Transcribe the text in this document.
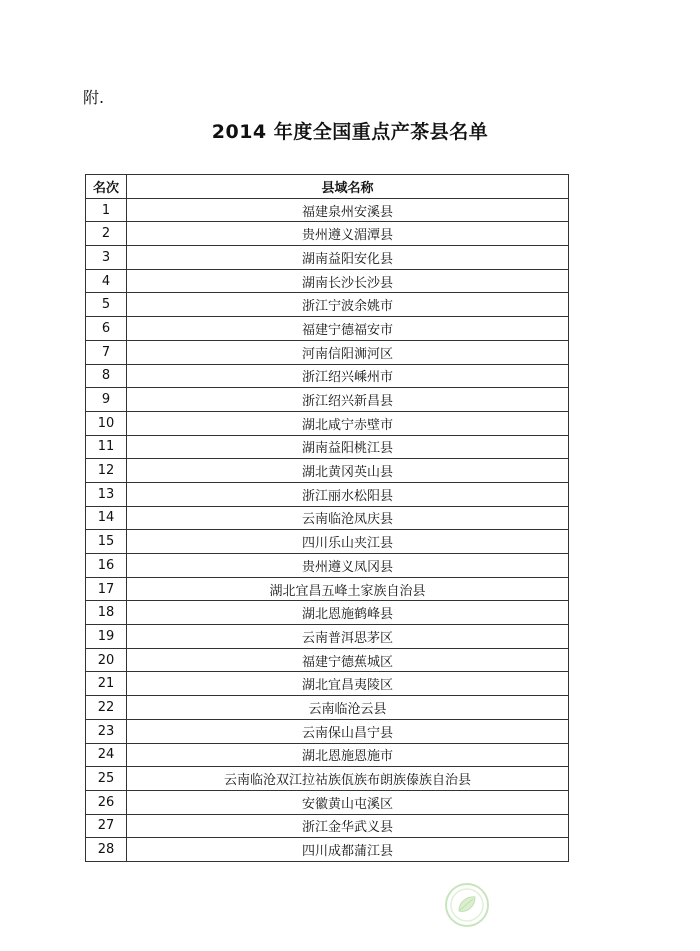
附.
2014 年度全国重点产茶县名单
名次	县域名称
1	福建泉州安溪县
2	贵州遵义湄潭县
3	湖南益阳安化县
4	湖南长沙长沙县
5	浙江宁波余姚市
6	福建宁德福安市
7	河南信阳浉河区
8	浙江绍兴嵊州市
9	浙江绍兴新昌县
10	湖北咸宁赤壁市
11	湖南益阳桃江县
12	湖北黄冈英山县
13	浙江丽水松阳县
14	云南临沧凤庆县
15	四川乐山夹江县
16	贵州遵义凤冈县
17	湖北宜昌五峰土家族自治县
18	湖北恩施鹤峰县
19	云南普洱思茅区
20	福建宁德蕉城区
21	湖北宜昌夷陵区
22	云南临沧云县
23	云南保山昌宁县
24	湖北恩施恩施市
25	云南临沧双江拉祜族佤族布朗族傣族自治县
26	安徽黄山屯溪区
27	浙江金华武义县
28	四川成都蒲江县
